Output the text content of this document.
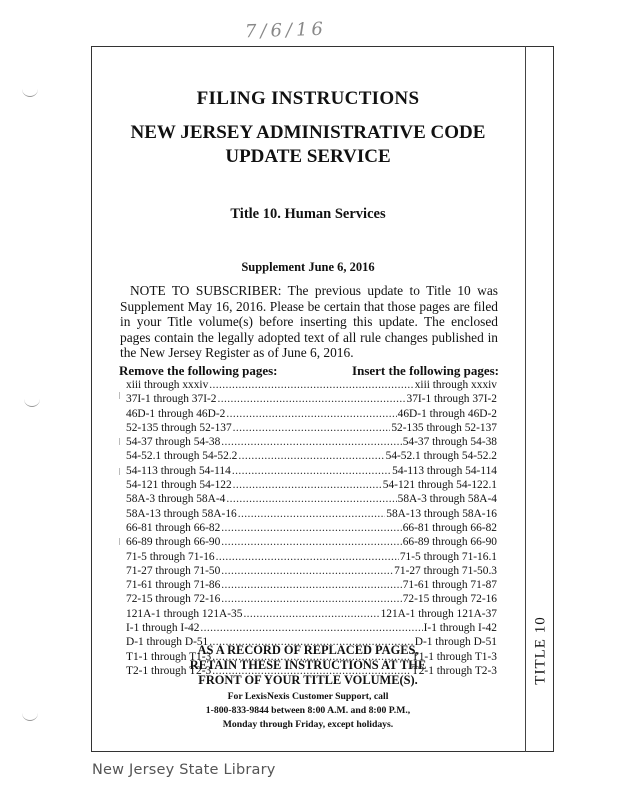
7/6/16
FILING INSTRUCTIONS
NEW JERSEY ADMINISTRATIVE CODE
UPDATE SERVICE
Title 10. Human Services
Supplement June 6, 2016
NOTE TO SUBSCRIBER: The previous update to Title 10 was Supplement May 16, 2016. Please be certain that those pages are filed in your Title volume(s) before inserting this update. The enclosed pages contain the legally adopted text of all rule changes published in the New Jersey Register as of June 6, 2016.
Remove the following pages:	Insert the following pages:
xiii through xxxiv .....	xiii through xxxiv
37I-1 through 37I-2 .....	37I-1 through 37I-2
46D-1 through 46D-2 .....	46D-1 through 46D-2
52-135 through 52-137 .....	52-135 through 52-137
54-37 through 54-38 .....	54-37 through 54-38
54-52.1 through 54-52.2 .....	54-52.1 through 54-52.2
54-113 through 54-114 .....	54-113 through 54-114
54-121 through 54-122 .....	54-121 through 54-122.1
58A-3 through 58A-4 .....	58A-3 through 58A-4
58A-13 through 58A-16 .....	58A-13 through 58A-16
66-81 through 66-82 .....	66-81 through 66-82
66-89 through 66-90 .....	66-89 through 66-90
71-5 through 71-16 .....	71-5 through 71-16.1
71-27 through 71-50 .....	71-27 through 71-50.3
71-61 through 71-86 .....	71-61 through 71-87
72-15 through 72-16 .....	72-15 through 72-16
121A-1 through 121A-35 .....	121A-1 through 121A-37
I-1 through I-42 .....	I-1 through I-42
D-1 through D-51 .....	D-1 through D-51
T1-1 through T1-3 .....	T1-1 through T1-3
T2-1 through T2-3 .....	T2-1 through T2-3
AS A RECORD OF REPLACED PAGES,
RETAIN THESE INSTRUCTIONS AT THE
FRONT OF YOUR TITLE VOLUME(S).
For LexisNexis Customer Support, call
1-800-833-9844 between 8:00 A.M. and 8:00 P.M.,
Monday through Friday, except holidays.
TITLE 10
New Jersey State Library
